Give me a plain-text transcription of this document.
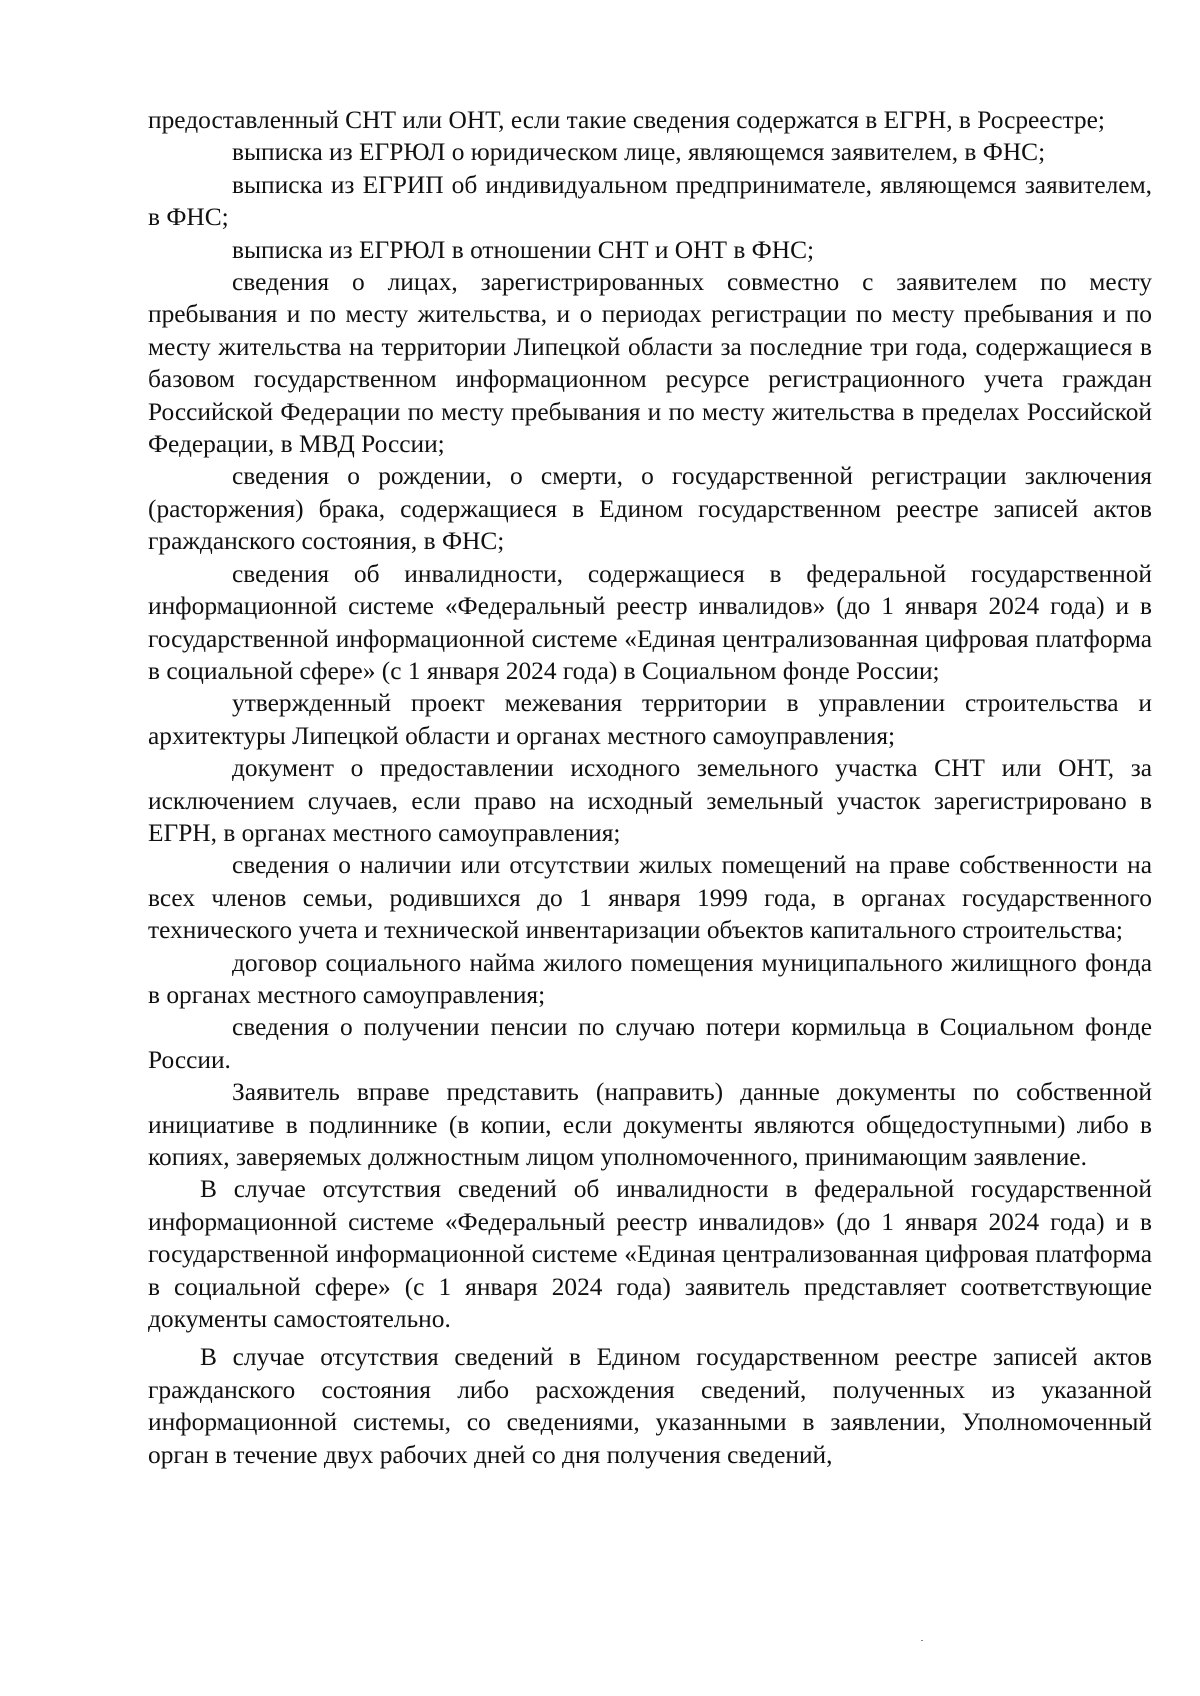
предоставленный СНТ или ОНТ, если такие сведения содержатся в ЕГРН, в Росреестре;

выписка из ЕГРЮЛ о юридическом лице, являющемся заявителем, в ФНС;

выписка из ЕГРИП об индивидуальном предпринимателе, являющемся заявителем, в ФНС;

выписка из ЕГРЮЛ в отношении СНТ и ОНТ в ФНС;

сведения о лицах, зарегистрированных совместно с заявителем по месту пребывания и по месту жительства, и о периодах регистрации по месту пребывания и по месту жительства на территории Липецкой области за последние три года, содержащиеся в базовом государственном информационном ресурсе регистрационного учета граждан Российской Федерации по месту пребывания и по месту жительства в пределах Российской Федерации, в МВД России;

сведения о рождении, о смерти, о государственной регистрации заключения (расторжения) брака, содержащиеся в Едином государственном реестре записей актов гражданского состояния, в ФНС;

сведения об инвалидности, содержащиеся в федеральной государственной информационной системе «Федеральный реестр инвалидов» (до 1 января 2024 года) и в государственной информационной системе «Единая централизованная цифровая платформа в социальной сфере» (с 1 января 2024 года) в Социальном фонде России;

утвержденный проект межевания территории в управлении строительства и архитектуры Липецкой области и органах местного самоуправления;

документ о предоставлении исходного земельного участка СНТ или ОНТ, за исключением случаев, если право на исходный земельный участок зарегистрировано в ЕГРН, в органах местного самоуправления;

сведения о наличии или отсутствии жилых помещений на праве собственности на всех членов семьи, родившихся до 1 января 1999 года, в органах государственного технического учета и технической инвентаризации объектов капитального строительства;

договор социального найма жилого помещения муниципального жилищного фонда в органах местного самоуправления;

сведения о получении пенсии по случаю потери кормильца в Социальном фонде России.

Заявитель вправе представить (направить) данные документы по собственной инициативе в подлиннике (в копии, если документы являются общедоступными) либо в копиях, заверяемых должностным лицом уполномоченного, принимающим заявление.

В случае отсутствия сведений об инвалидности в федеральной государственной информационной системе «Федеральный реестр инвалидов» (до 1 января 2024 года) и в государственной информационной системе «Единая централизованная цифровая платформа в социальной сфере» (с 1 января 2024 года) заявитель представляет соответствующие документы самостоятельно.

В случае отсутствия сведений в Едином государственном реестре записей актов гражданского состояния либо расхождения сведений, полученных из указанной информационной системы, со сведениями, указанными в заявлении, Уполномоченный орган в течение двух рабочих дней со дня получения сведений,
